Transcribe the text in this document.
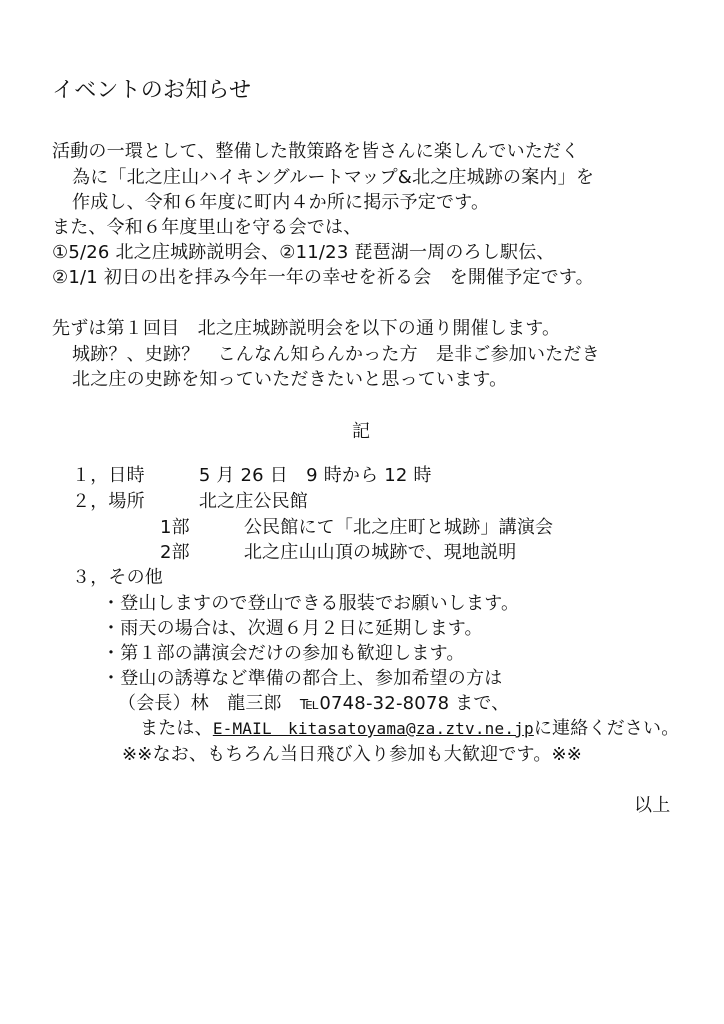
イベントのお知らせ
活動の一環として、整備した散策路を皆さんに楽しんでいただく
為に「北之庄山ハイキングルートマップ&北之庄城跡の案内」を
作成し、令和６年度に町内４か所に掲示予定です。
また、令和６年度里山を守る会では、
①5/26 北之庄城跡説明会、②11/23 琵琶湖一周のろし駅伝、
②1/1 初日の出を拝み今年一年の幸せを祈る会　を開催予定です。
先ずは第１回目　北之庄城跡説明会を以下の通り開催します。
城跡？、史跡？　こんなん知らんかった方　是非ご参加いただき
北之庄の史跡を知っていただきたいと思っています。
記
１，日時	5 月 26 日　9 時から 12 時
２，場所	北之庄公民館
1部	公民館にて「北之庄町と城跡」講演会
2部	北之庄山山頂の城跡で、現地説明
３，その他
・登山しますので登山できる服装でお願いします。
・雨天の場合は、次週６月２日に延期します。
・第１部の講演会だけの参加も歓迎します。
・登山の誘導など準備の都合上、参加希望の方は
（会長）林　龍三郎 ℡0748-32-8078 まで、
または、E-MAIL　kitasatoyama@za.ztv.ne.jpに連絡ください。
※※なお、もちろん当日飛び入り参加も大歓迎です。※※
以上
